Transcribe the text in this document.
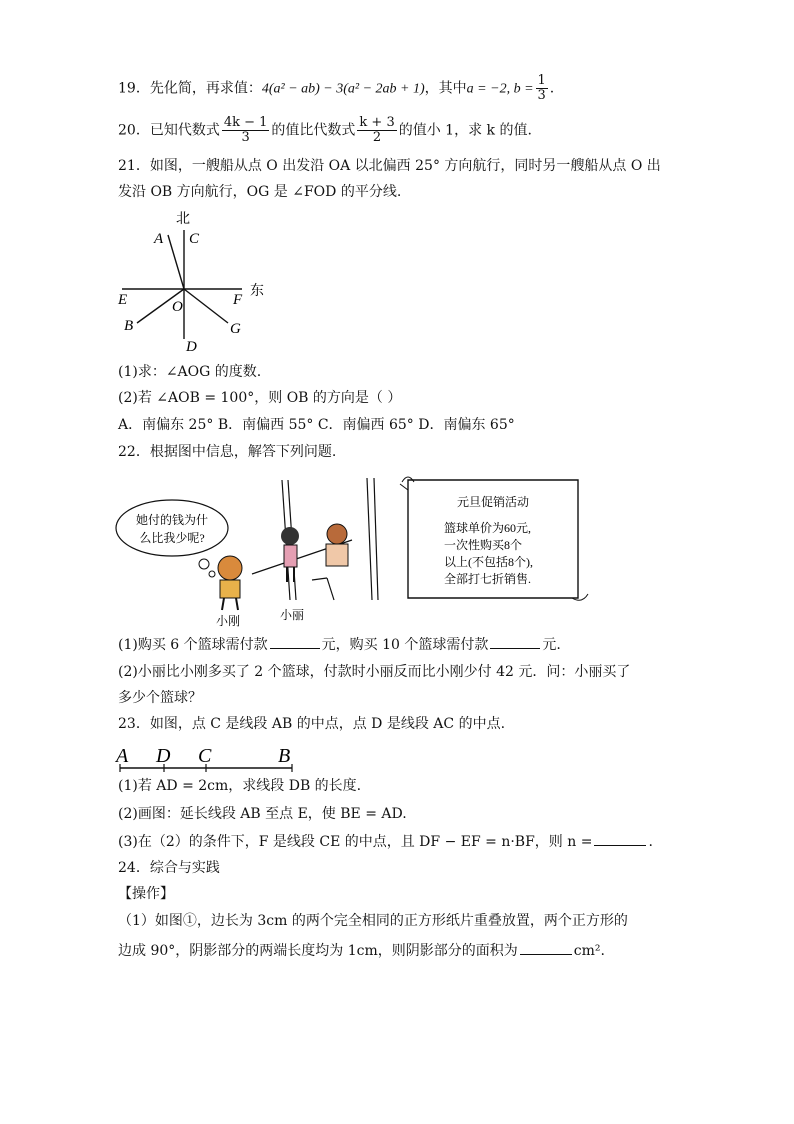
19．先化简，再求值：4(a² − ab) − 3(a² − 2ab + 1)，其中a = −2, $b = \frac{1}{3}$ .
20．已知代数式 $\frac{4k - 1}{3}$ 的值比代数式 $\frac{k + 3}{2}$ 的值小 1，求 k 的值.
21．如图，一艘船从点 O 出发沿 OA 以北偏西 25° 方向航行，同时另一艘船从点 O 出
发沿 OB 方向航行，OG 是 ∠FOD 的平分线.
北
东
A C
E	O	F
B	G
D
(1)求：∠AOG 的度数.
(2)若 ∠AOB = 100°，则 OB 的方向是（ ）
A．南偏东 25° B．南偏西 55° C．南偏西 65° D．南偏东 65°
22．根据图中信息，解答下列问题.
她付的钱为什
么比我少呢?
小刚	小丽
元旦促销活动
篮球单价为60元,
一次性购买8个
以上(不包括8个),
全部打七折销售.
(1)购买 6 个篮球需付款	元，购买 10 个篮球需付款	元.
(2)小丽比小刚多买了 2 个篮球，付款时小丽反而比小刚少付 42 元．问：小丽买了
多少个篮球？
23．如图，点 C 是线段 AB 的中点，点 D 是线段 AC 的中点.
A D C	B
(1)若 AD = 2cm，求线段 DB 的长度.
(2)画图：延长线段 AB 至点 E，使 BE = AD.
(3)在（2）的条件下，F 是线段 CE 的中点，且 DF − EF = n·BF，则 n =	.
24．综合与实践
【操作】
（1）如图①，边长为 3cm 的两个完全相同的正方形纸片重叠放置，两个正方形的
边成 90°，阴影部分的两端长度均为 1cm，则阴影部分的面积为	cm².
